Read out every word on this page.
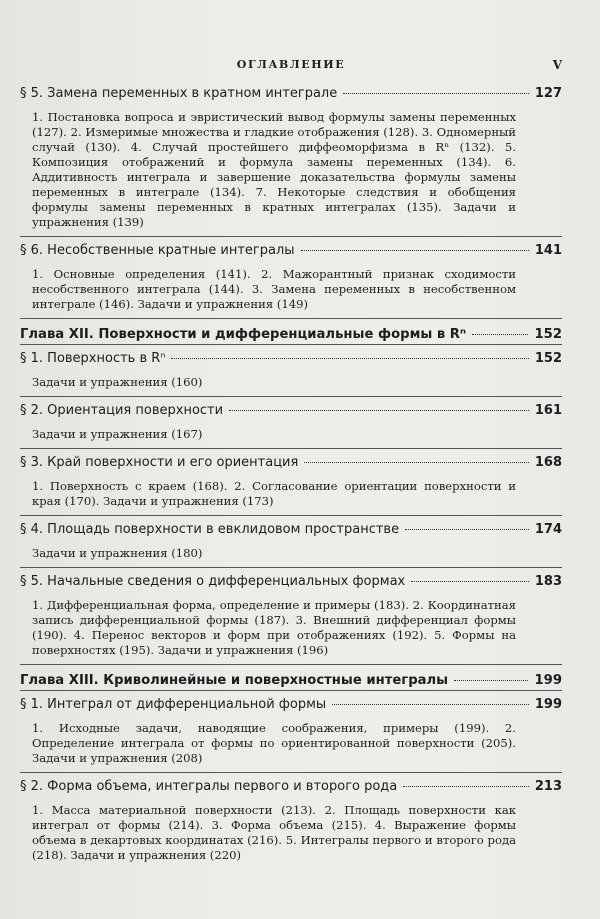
ОГЛАВЛЕНИЕ	V
§ 5. Замена переменных в кратном интеграле	127
1. Постановка вопроса и эвристический вывод формулы замены переменных (127). 2. Измеримые множества и гладкие отображения (128). 3. Одномерный случай (130). 4. Случай простейшего диффеоморфизма в Rⁿ (132). 5. Композиция отображений и формула замены переменных (134). 6. Аддитивность интеграла и завершение доказательства формулы замены переменных в интеграле (134). 7. Некоторые следствия и обобщения формулы замены переменных в кратных интегралах (135). Задачи и упражнения (139)
§ 6. Несобственные кратные интегралы	141
1. Основные определения (141). 2. Мажорантный признак сходимости несобственного интеграла (144). 3. Замена переменных в несобственном интеграле (146). Задачи и упражнения (149)
Глава XII. Поверхности и дифференциальные формы в Rⁿ	152
§ 1. Поверхность в Rⁿ	152
Задачи и упражнения (160)
§ 2. Ориентация поверхности	161
Задачи и упражнения (167)
§ 3. Край поверхности и его ориентация	168
1. Поверхность с краем (168). 2. Согласование ориентации поверхности и края (170). Задачи и упражнения (173)
§ 4. Площадь поверхности в евклидовом пространстве	174
Задачи и упражнения (180)
§ 5. Начальные сведения о дифференциальных формах	183
1. Дифференциальная форма, определение и примеры (183). 2. Координатная запись дифференциальной формы (187). 3. Внешний дифференциал формы (190). 4. Перенос векторов и форм при отображениях (192). 5. Формы на поверхностях (195). Задачи и упражнения (196)
Глава XIII. Криволинейные и поверхностные интегралы	199
§ 1. Интеграл от дифференциальной формы	199
1. Исходные задачи, наводящие соображения, примеры (199). 2. Определение интеграла от формы по ориентированной поверхности (205). Задачи и упражнения (208)
§ 2. Форма объема, интегралы первого и второго рода	213
1. Масса материальной поверхности (213). 2. Площадь поверхности как интеграл от формы (214). 3. Форма объема (215). 4. Выражение формы объема в декартовых координатах (216). 5. Интегралы первого и второго рода (218). Задачи и упражнения (220)
